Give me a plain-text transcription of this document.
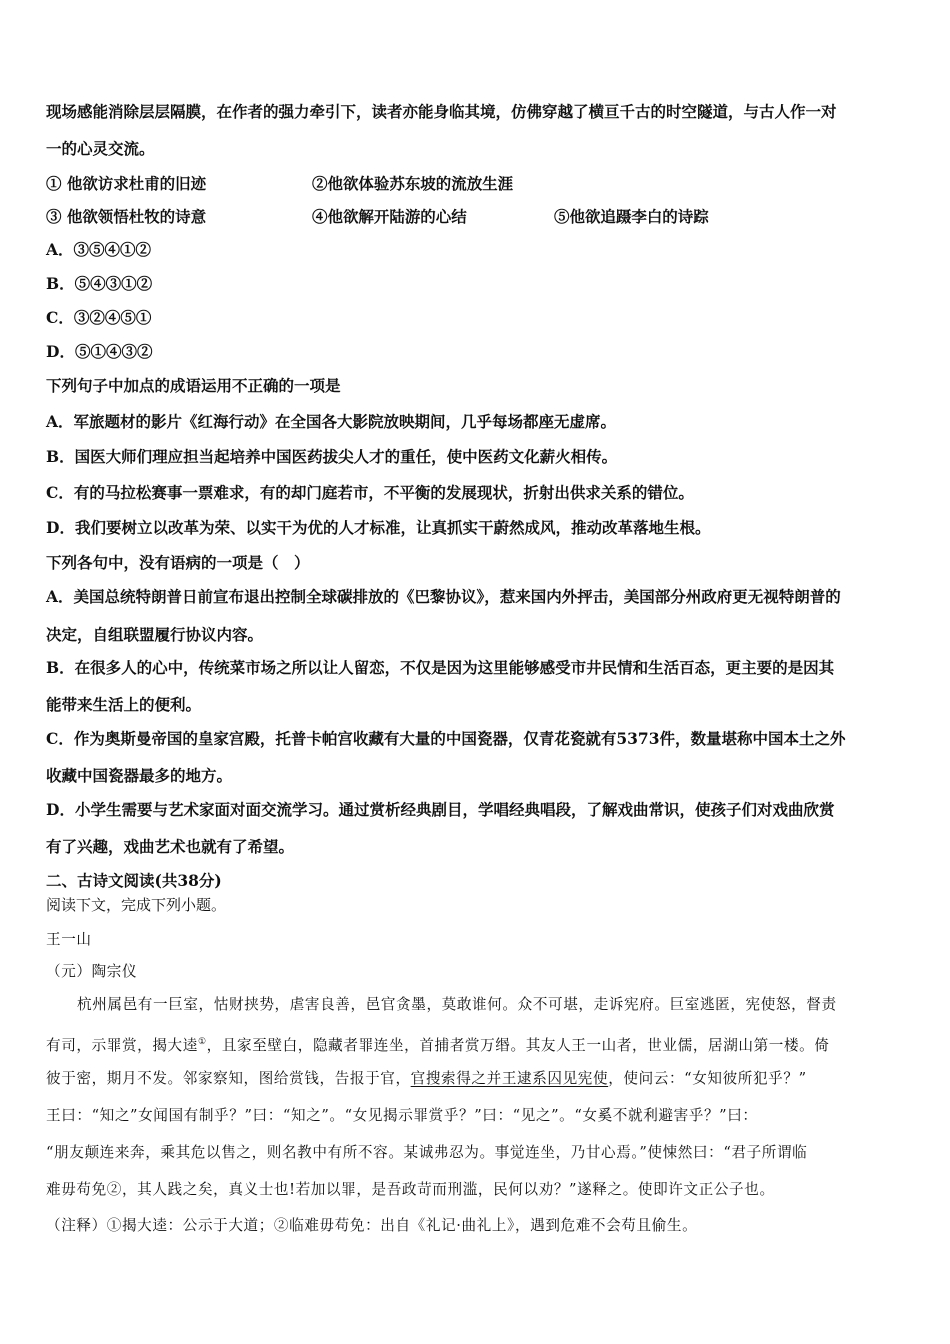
现场感能消除层层隔膜，在作者的强力牵引下，读者亦能身临其境，仿佛穿越了横亘千古的时空隧道，与古人作一对
一的心灵交流。
① 他欲访求杜甫的旧迹	②他欲体验苏东坡的流放生涯
③ 他欲领悟杜牧的诗意	④他欲解开陆游的心结	⑤他欲追蹑李白的诗踪
A．③⑤④①②
B．⑤④③①②
C．③②④⑤①
D．⑤①④③②
下列句子中加点的成语运用不正确的一项是
A．军旅题材的影片《红海行动》在全国各大影院放映期间，几乎每场都座无虚席。
B．国医大师们理应担当起培养中国医药拔尖人才的重任，使中医药文化薪火相传。
C．有的马拉松赛事一票难求，有的却门庭若市，不平衡的发展现状，折射出供求关系的错位。
D．我们要树立以改革为荣、以实干为优的人才标准，让真抓实干蔚然成风，推动改革落地生根。
下列各句中，没有语病的一项是（　）
A．美国总统特朗普日前宣布退出控制全球碳排放的《巴黎协议》，惹来国内外抨击，美国部分州政府更无视特朗普的
决定，自组联盟履行协议内容。
B．在很多人的心中，传统菜市场之所以让人留恋，不仅是因为这里能够感受市井民情和生活百态，更主要的是因其
能带来生活上的便利。
C．作为奥斯曼帝国的皇家宫殿，托普卡帕宫收藏有大量的中国瓷器，仅青花瓷就有5373件，数量堪称中国本土之外
收藏中国瓷器最多的地方。
D．小学生需要与艺术家面对面交流学习。通过赏析经典剧目，学唱经典唱段，了解戏曲常识，使孩子们对戏曲欣赏
有了兴趣，戏曲艺术也就有了希望。
二、古诗文阅读(共38分)
阅读下文，完成下列小题。
王一山
（元）陶宗仪
杭州属邑有一巨室，怙财挟势，虐害良善，邑官贪墨，莫敢谁何。众不可堪，走诉宪府。巨室逃匿，宪使怒，督责
有司，示罪赏，揭大逵①，且家至壁白，隐藏者罪连坐，首捕者赏万缗。其友人王一山者，世业儒，居湖山第一楼。倚
彼于密，期月不发。邻家察知，图给赏钱，告报于官，官搜索得之并王逮系囚见宪使，使问云：“女知彼所犯乎？”
王曰：“知之”女闻国有制乎？”曰：“知之”。“女见揭示罪赏乎？”曰：“见之”。“女奚不就利避害乎？”曰：
“朋友颠连来奔，乘其危以售之，则名教中有所不容。某诚弗忍为。事觉连坐，乃甘心焉。”使悚然曰：“君子所谓临
难毋苟免②，其人践之矣，真义士也!若加以罪，是吾政苛而刑滥，民何以劝？”遂释之。使即许文正公子也。
（注释）①揭大逵：公示于大道；②临难毋苟免：出自《礼记·曲礼上》，遇到危难不会苟且偷生。
